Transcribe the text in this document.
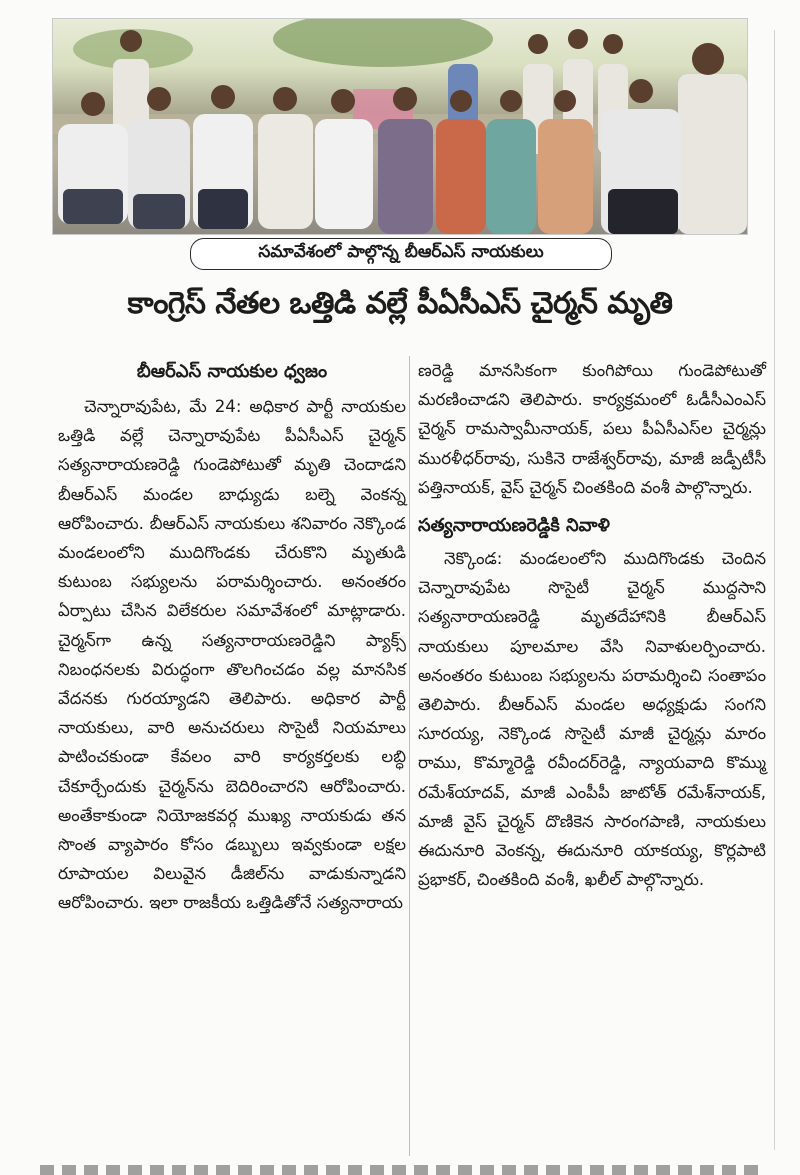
సమావేశంలో పాల్గొన్న బీఆర్ఎస్ నాయకులు
కాంగ్రెస్ నేతల ఒత్తిడి వల్లే పీఏసీఎస్ చైర్మన్ మృతి
బీఆర్ఎస్ నాయకుల ధ్వజం

చెన్నారావుపేట, మే 24: అధికార పార్టీ నాయకుల ఒత్తిడి వల్లే చెన్నారావుపేట పీఏసీఎస్ చైర్మన్ సత్యనారాయణరెడ్డి గుండెపోటుతో మృతి చెందాడని బీఆర్ఎస్ మండల బాధ్యుడు బల్నె వెంకన్న ఆరోపించారు. బీఆర్ఎస్ నాయకులు శనివారం నెక్కొండ మండలంలోని ముదిగొండకు చేరుకొని మృతుడి కుటుంబ సభ్యులను పరామర్శించారు. అనంతరం ఏర్పాటు చేసిన విలేకరుల సమావేశంలో మాట్లాడారు. చైర్మన్‌గా ఉన్న సత్యనారాయణరెడ్డిని ప్యాక్స్ నిబంధనలకు విరుద్ధంగా తొలగించడం వల్ల మానసిక వేదనకు గురయ్యాడని తెలిపారు. అధికార పార్టీ నాయకులు, వారి అనుచరులు సొసైటీ నియమాలు పాటించకుండా కేవలం వారి కార్యకర్తలకు లబ్ధి చేకూర్చేందుకు చైర్మన్‌ను బెదిరించారని ఆరోపించారు. అంతేకాకుండా నియోజకవర్గ ముఖ్య నాయకుడు తన సొంత వ్యాపారం కోసం డబ్బులు ఇవ్వకుండా లక్షల రూపాయల విలువైన డీజిల్‌ను వాడుకున్నాడని ఆరోపించారు. ఇలా రాజకీయ ఒత్తిడితోనే సత్యనారాయ

ణరెడ్డి మానసికంగా కుంగిపోయి గుండెపోటుతో మరణించాడని తెలిపారు. కార్యక్రమంలో ఓడీసీఎంఎస్ చైర్మన్ రామస్వామీనాయక్, పలు పీఏసీఎస్‌ల చైర్మన్లు మురళీధర్‌రావు, సుకినె రాజేశ్వర్‌రావు, మాజీ జడ్పీటీసీ పత్తినాయక్, వైస్ చైర్మన్ చింతకింది వంశీ పాల్గొన్నారు.

సత్యనారాయణరెడ్డికి నివాళి

నెక్కొండ: మండలంలోని ముదిగొండకు చెందిన చెన్నారావుపేట సొసైటీ చైర్మన్ ముద్దసాని సత్యనారాయణరెడ్డి మృతదేహానికి బీఆర్ఎస్ నాయకులు పూలమాల వేసి నివాళులర్పించారు. అనంతరం కుటుంబ సభ్యులను పరామర్శించి సంతాపం తెలిపారు. బీఆర్ఎస్ మండల అధ్యక్షుడు సంగని సూరయ్య, నెక్కొండ సొసైటీ మాజీ చైర్మన్లు మారం రాము, కొమ్మారెడ్డి రవీందర్‌రెడ్డి, న్యాయవాది కొమ్ము రమేశ్‌యాదవ్, మాజీ ఎంపీపీ జాటోత్ రమేశ్‌నాయక్, మాజీ వైస్ చైర్మన్ దొణికెన సారంగపాణి, నాయకులు ఈదునూరి వెంకన్న, ఈదునూరి యాకయ్య, కొర్లపాటి ప్రభాకర్, చింతకింది వంశీ, ఖలీల్ పాల్గొన్నారు.
